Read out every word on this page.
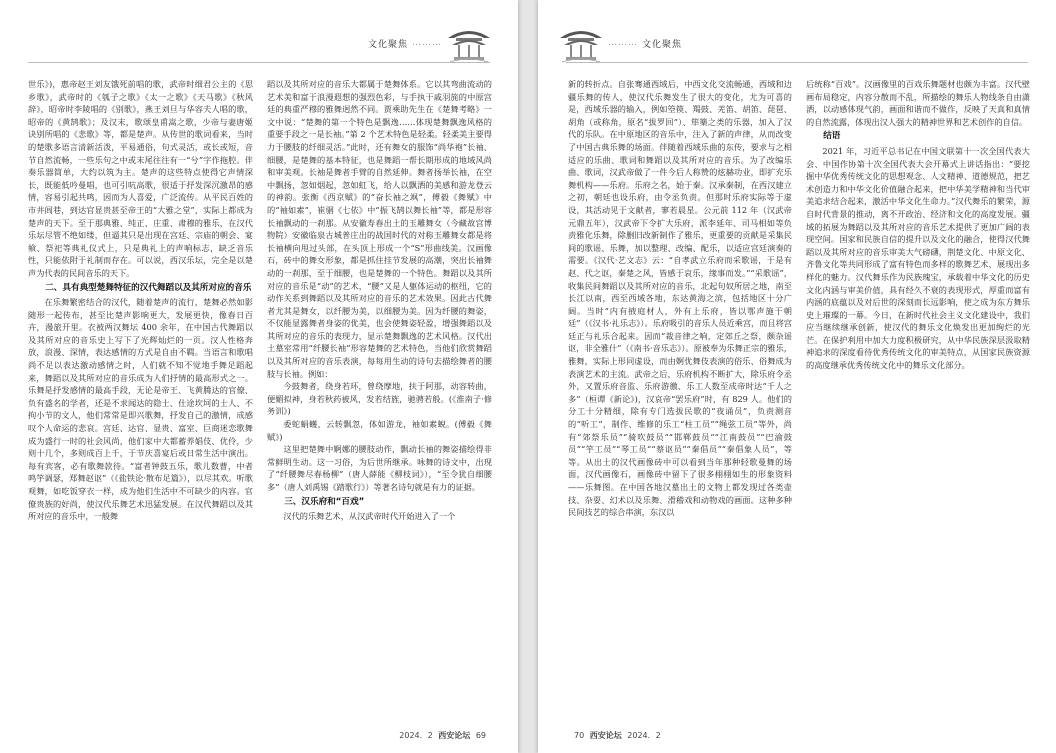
文化聚焦 ………

世乐》)，惠帝赵王刘友饿死前唱的歌，武帝时细君公主的《思乡歌》，武帝时的《瓠子之歌》《太一之歌》《天马歌》《秋风辞》，昭帝时李陵唱的《别歌》，燕王刘旦与华容夫人唱的歌，昭帝的《黄鹄歌》；及汉末，歌颂皇甫嵩之歌，少帝与妻唐姬诀别所唱的《悲歌》等，都是楚声。从传世的歌词看来，当时的楚歌多语言清新活泼，平易通俗，句式灵活，或长或短，音节自然流畅，一些乐句之中或末尾往往有一“兮”字作拖腔。伴奏乐器简单，大约以筑为主。楚声的这些特点使得它声情深长，既能低吟曼唱，也可引吭高歌，很适于抒发深沉激昂的感情，容易引起共鸣，因而为人喜爱，广泛流传。从平民百姓的市井闾巷，到达官显贵甚至帝王的“大雅之堂”，实际上都成为楚声的天下。至于那典雅、纯正、庄重、肃穆的雅乐，在汉代乐坛尽管不绝如缕，但逼其只是出现在宫廷、宗庙的朝会、宴飨、祭祀等典礼仪式上，只是典礼上的声响标志，缺乏音乐性，只能依附于礼制而存在。可以说，西汉乐坛，完全是以楚声为代表的民间音乐的天下。

二、具有典型楚舞特征的汉代舞蹈以及其所对应的音乐

在乐舞繁密结合的汉代，随着楚声的流行，楚舞必然如影随形一起传布，甚至比楚声影响更大，发展更快，像春日百卉，漫旅开里。衣被两汉舞坛 400 余年，在中国古代舞蹈以及其所对应的音乐史上写下了光辉灿烂的一页。汉人性格奔放，浪漫、深情，表达感情的方式是自由不羁。当语言和歌唱尚不足以表达激动感情之时，人们就不知不觉地手舞足蹈起来，舞蹈以及其所对应的音乐成为人们抒情的最高形式之一。乐舞是抒发感情的最高手段，无论是帝王、飞黄腾达的官僚、负有盛名的学者，还是不求闻达的隐士、仕途坎坷的士人、不拘小节的文人，他们常常是即兴歌舞，抒发自己的激情，成感叹个人命运的悲哀。宫廷、达官、显贵、富室、巨商迷恋歌舞成为盛行一时的社会风尚，他们家中大都蓄养娼伎、优伶，少则十几个，多则成百上千，于节庆喜宴后或日常生活中演出。每有宾客，必有歌舞款待。“富者钟鼓五乐，歌儿数曹，中者鸣竽调瑟，郑舞赵讴”（《盐铁论·散布足篇》），以尽其欢。听歌观舞，如吃饭穿衣一样，成为他们生活中不可缺少的内容。官僚贵族的好尚，使汉代乐舞艺术迅猛发展。在汉代舞蹈以及其所对应的音乐中，一般舞

蹈以及其所对应的音乐大都属于楚舞体系。它以其弯曲流动的艺术美和富于浪漫遐想的强烈色彩，与手执干戚羽旄的中原宫廷的典重严穆的雅舞迥然不同。贾乘助先生在《楚舞考略》一文中说：“楚舞的第一个特色是飘逸……体现楚舞飘逸风格的重要手段之一是长袖。”第 2 个艺术特色是轻柔。轻柔美主要得力于腰肢的纤细灵活。”此时，还有舞女的服饰“尚华袍”长袖、细腰，是楚舞的基本特征，也是舞蹈一帮长期形成的地域风尚和审美观。长袖是舞者手臂的自然延伸。舞者扬举长袖，在空中飘扬，忽如烟起，忽如虹飞，给人以飘洒的美感和游龙登云的神韵。张衡《西京赋》的“奋长袖之飒”，傅毅《舞赋》中的“袖如素”，崔骃《七依》中“振飞鹄以舞长袖”等，都是形容长袖飘动的一刹那。从安徽寿春出土的玉雕舞女（今藏故宫博物院）安徽临泉古城普庄出的战国时代的对称玉雕舞女都是将长袖横向甩过头部，在头顶上形成一个“S”形曲线美。汉画像石，砖中的舞女形象，都是抓住挂节发展的高潮，突出长袖舞动的一刹那，至于细腰，也是楚舞的一个特色。舞蹈以及其所对应的音乐是“动”的艺术，“腰”又是人躯体运动的枢纽，它的动作关系到舞蹈以及其所对应的音乐的艺术效果。因此古代舞者尤其是舞女，以纤腰为美，以细腰为美。因为纤腰的舞姿，不仅能显露舞者身姿的优美，也会使舞姿轻盈，增强舞蹈以及其所对应的音乐的表现力，显示楚舞飘逸的艺术风格。汉代出土墓室常用“纤腰长袖”形容楚舞的艺术特色，当他们欣赏舞蹈以及其所对应的音乐表演，每每用生动的诗句去描绘舞者的腰肢与长袖。例如：

今鼓舞者，绕身若环，曾绕摩地，扶于阿那，动容转曲，便媚拟神，身若秋药被风，发若结旌，驰骋若般。(《淮南子·修务训》)

委蛇蜎蠖，云转飘忽，体如游龙，袖如素蜺。(傅毅《舞赋》)

这里把楚舞中婀娜的腰肢动作，飘动长袖的舞姿描绘得非常鲜明生动。这一习俗，为后世所继承。咏舞的诗文中，出现了“纤腰舞尽春杨柳”（唐人薛能《柳枝词》），“至令犹自细腰多”（唐人刘禹锡《踏歌行》）等著名诗句就是有力的证据。

三、汉乐府和“百戏”

汉代的乐舞艺术，从汉武帝时代开始进入了一个

2024．2 西安论坛 69
……… 文化聚焦

新的转折点。自张骞通西域后，中西文化交流畅通，西域和边疆乐舞的传人，使汉代乐舞发生了很大的变化，尤为可喜的是，西域乐器的输入，例如箜篌、羯鼓、羌笛、胡笛、琵琶、胡角（或称角，原名“拔罗回”）、筚篥之类的乐器，加入了汉代的乐队。在中原地区的音乐中，注入了新的声律，从而改变了中国古典乐舞的场面。伴随着西域乐曲的东传，要求与之相适应的乐曲、歌词和舞蹈以及其所对应的音乐。为了改编乐曲、歌词，汉武帝做了一件今后人称赞的炫赫功业，即扩充乐舞机构——乐府。乐府之名，始于秦。汉承秦制，在西汉建立之初，朝廷也设乐府，由令丞负责。但那时乐府实际等于虚设，其活动见于文献者，寥若晨星。公元前 112 年（汉武帝元鼎五年），汉武帝下令扩大乐府，派李延年、司马相如等负责雅化乐舞，除删旧改新制作了雅乐，更重要的贡献是采集民间的歌谣、乐舞，加以整理、改编、配乐，以适应宫廷演奏的需要。《汉代·艺文志》云：“自孝武立乐府而采歌谣，于是有赵、代之讴，秦楚之风，皆感于哀乐，缘事而发。”“采歌谣”，收集民间舞蹈以及其所对应的音乐，北起句奴所居之地，南至长江以南，西至西域各地，东达黄海之滨，包括地区十分广阔。当时“内有掖庭材人，外有上乐府，皆以鄂声施于朝廷”（《汉书·礼乐志》）。乐府吸引的音乐人员近乘宫，而且将宫廷正与礼乐合起来。因而“裁音律之响，定郊丘之祭，颇杂谣讴，非全雅什”（《南书·音乐志》）。原被奉为乐舞正宗的雅乐，雅舞，实际上形同虚设，而由婀优舞伎表演的俗乐、俗舞成为表演艺术的主流。武帝之后，乐府机构不断扩大，除乐府令丞外，又置乐府音监、乐府游徼、乐工人数至成帝时达“千人之多”（桓谭《新论》)，汉哀帝“罢乐府”时，有 829 人。他们的分工十分精细，除有专门选拔民歌的“夜诵员”，负责测音的“听工”，制作、维修的乐工“柱工员”“绳弦工员”等外，尚有“郊祭乐员”“骑吹鼓员”“邯郸鼓员”“江南鼓员”“巴渝鼓员”“竽工员”“琴工员”“蔡讴员”“秦倡员”“秦倡象人员”，等等。从出土的汉代画像砖中可以看到当年那种轻歌曼舞的场面，汉代画像石，画像砖中留下了很多栩栩如生的形象资料——乐舞图。在中国各地汉墓出土的文物上都发现过各类壶技、杂耍、幻术以及乐舞、滑稽戏和动物戏的画面。这种多种民间技艺的综合串演，东汉以

后统称“百戏”。汉画像里的百戏乐舞题材也颇为丰富。汉代壁画布局稳定，内容分散而不乱，所描绘的舞乐人物线条自由潇洒，以动感体现气韵，画面和谐而不做作，反映了天真和真情的自然流露，体现出汉人强大的精神世界和艺术创作的自信。

结语

2021 年，习近平总书记在中国文联第十一次全国代表大会、中国作协第十次全国代表大会开幕式上讲话指出：“要挖掘中华优秀传统文化的思想观念、人文精神、道德规范，把艺术创造力和中华文化价值融合起来，把中华美学精神和当代审美追求结合起来，激活中华文化生命力。”汉代舞乐的繁荣，源自时代背景的推动，离不开政治、经济和文化的高度发展。疆域的拓展为舞蹈以及其所对应的音乐艺术提供了更加广阔的表现空间。国家和民族自信的提升以及文化的融合，使得汉代舞蹈以及其所对应的音乐审美大气磅礴，荆楚文化、中原文化、齐鲁文化等共同形成了富有特色而多样的歌舞艺术，展现出多样化的魅力。汉代舞乐作为民族瑰宝，承载着中华文化的历史文化内涵与审美价值，具有经久不衰的表现形式，厚重而富有内涵的底蕴以及对后世的深刻而长远影响，使之成为东方舞乐史上璀璨的一幕。今日，在新时代社会主义文化建设中，我们应当继续继承创新，使汉代的舞乐文化焕发出更加绚烂的光芒。在保护利用中加大力度积极研究，从中华民族深层汲取精神追求的深度看待优秀传统文化的审美特点，从国家民族资源的高度继承优秀传统文化中的舞乐文化部分。

70 西安论坛 2024．2
